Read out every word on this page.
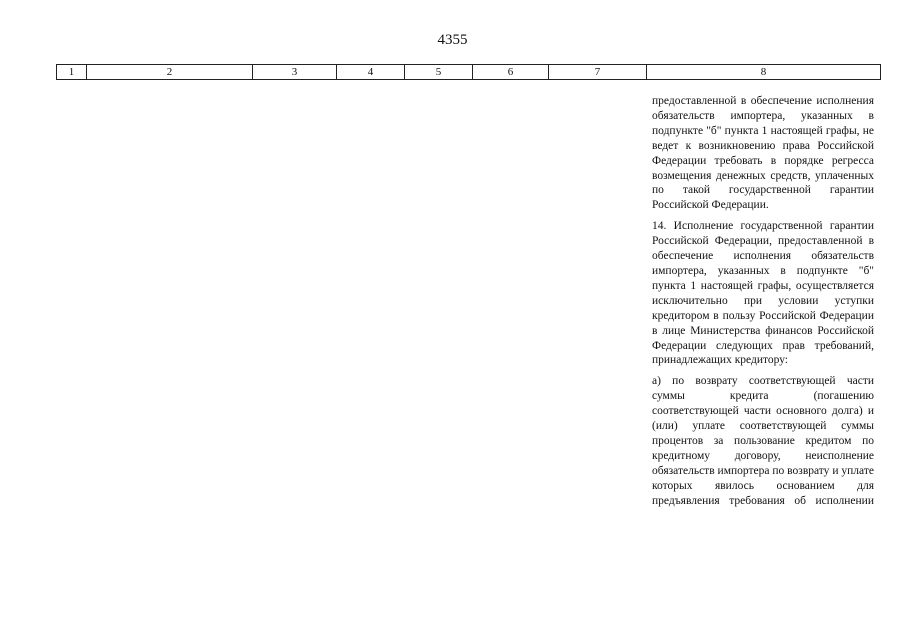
4355
1	2	3	4	5	6	7	8

предоставленной в обеспечение исполнения обязательств импортера, указанных в подпункте "б" пункта 1 настоящей графы, не ведет к возникновению права Российской Федерации требовать в порядке регресса возмещения денежных средств, уплаченных по такой государственной гарантии Российской Федерации.

14. Исполнение государственной гарантии Российской Федерации, предоставленной в обеспечение исполнения обязательств импортера, указанных в подпункте "б" пункта 1 настоящей графы, осуществляется исключительно при условии уступки кредитором в пользу Российской Федерации в лице Министерства финансов Российской Федерации следующих прав требований, принадлежащих кредитору:

а) по возврату соответствующей части суммы кредита (погашению соответствующей части основного долга) и (или) уплате соответствующей суммы процентов за пользование кредитом по кредитному договору, неисполнение обязательств импортера по возврату и уплате которых явилось основанием для предъявления требования об исполнении
